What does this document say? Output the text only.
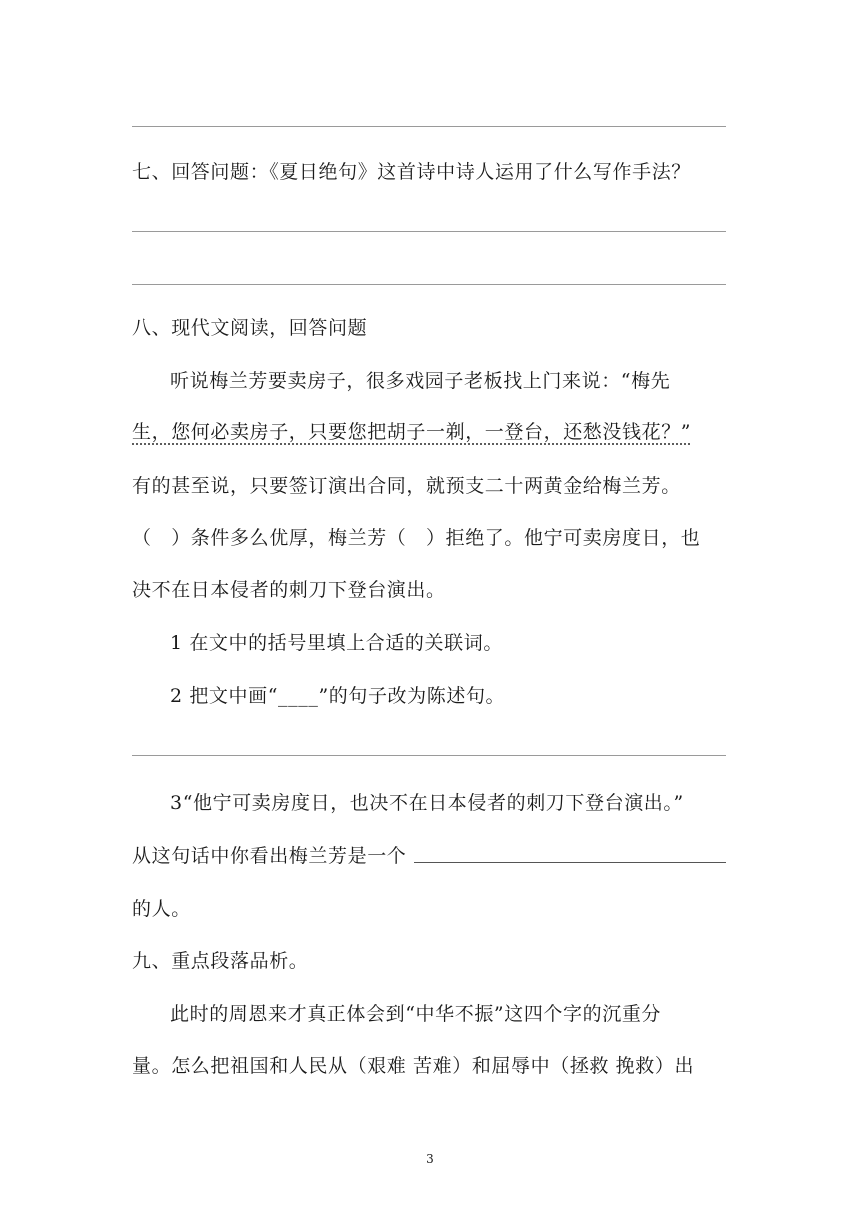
七、回答问题：《夏日绝句》这首诗中诗人运用了什么写作手法？
八、现代文阅读，回答问题
听说梅兰芳要卖房子，很多戏园子老板找上门来说：“梅先
生，您何必卖房子，只要您把胡子一剃，一登台，还愁没钱花？”
有的甚至说，只要签订演出合同，就预支二十两黄金给梅兰芳。
（　）条件多么优厚，梅兰芳（　）拒绝了。他宁可卖房度日，也
决不在日本侵者的刺刀下登台演出。
1 在文中的括号里填上合适的关联词。
2 把文中画“____”的句子改为陈述句。
3“他宁可卖房度日，也决不在日本侵者的刺刀下登台演出。”
从这句话中你看出梅兰芳是一个
的人。
九、重点段落品析。
此时的周恩来才真正体会到“中华不振”这四个字的沉重分
量。怎么把祖国和人民从（艰难 苦难）和屈辱中（拯救 挽救）出
3
